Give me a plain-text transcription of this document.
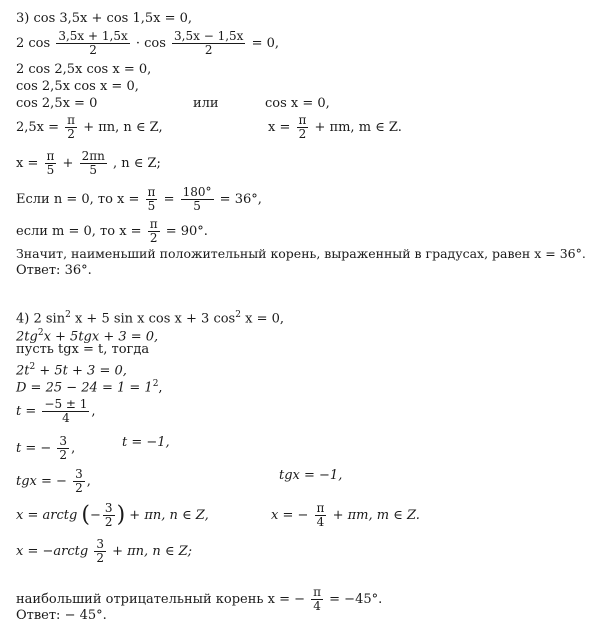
3) cos 3,5x + cos 1,5x = 0,
2 $\cos \frac{3,5x + 1,5x}{2} \cdot \cos \frac{3,5x - 1,5x}{2} = 0$,
2 cos 2,5x cos x = 0,
cos 2,5x cos x = 0,
cos 2,5x = 0	или	cos x = 0,
$2,5x = \frac{\pi}{2} + \pi n$, n ∈ Z,	$x = \frac{\pi}{2} + \pi m$, m ∈ Z.
$x = \frac{\pi}{5} + \frac{2\pi n}{5}$ , n ∈ Z;
Если n = 0, то $x = \frac{\pi}{5} = \frac{180^\circ}{5} = 36^\circ$,
если m = 0, то $x = \frac{\pi}{2} = 90^\circ$.
Значит, наименьший положительный корень, выраженный в градусах, равен x = 36°.
Ответ: 36°.
4) 2 $\sin^2 x + 5$ sin x cos x + 3 $\cos^2 x = 0$,
$2tg^2x + 5tgx + 3 = 0$,
пусть tgx = t, тогда
$2t^2 + 5t + 3 = 0$,
$D = 25 - 24 = 1 = 1^2$,
$t = \frac{-5 \pm 1}{4}$ ,
t = − $\frac{3}{2}$ ,	t = −1,
tgx = − $\frac{3}{2}$ ,	tgx = −1,
x = arctg (− $\frac{3}{2}$ ) + πn, n ∈ Z,	x = − $\frac{\pi}{4} + \pi m$, m ∈ Z.
x = −arctg $\frac{3}{2} + \pi n$, n ∈ Z;
наибольший отрицательный корень x = − $\frac{\pi}{4} = -45^\circ$.
Ответ: − 45°.
